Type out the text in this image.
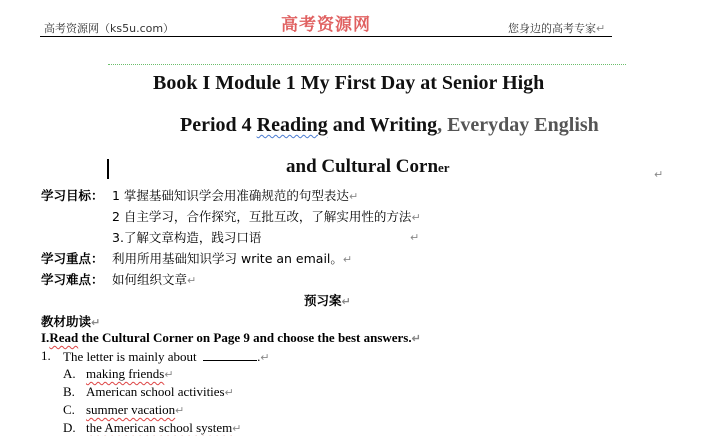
高考资源网（ks5u.com）	高考资源网	您身边的高考专家↵
Book I Module 1 My First Day at Senior High
Period 4 Reading and Writing, Everyday English
and Cultural Corner	↵
学习目标： 1 掌握基础知识学会用准确规范的句型表达↵
2 自主学习，合作探究，互批互改，了解实用性的方法↵
3.了解文章构造，践习口语	↵
学习重点： 利用所用基础知识学习 write an email。↵
学习难点： 如何组织文章↵
预习案↵
教材助读↵
I.Read the Cultural Corner on Page 9 and choose the best answers.↵
1. The letter is mainly about	.↵
A. making friends↵
B. American school activities↵
C. summer vacation↵
D. the American school system↵
